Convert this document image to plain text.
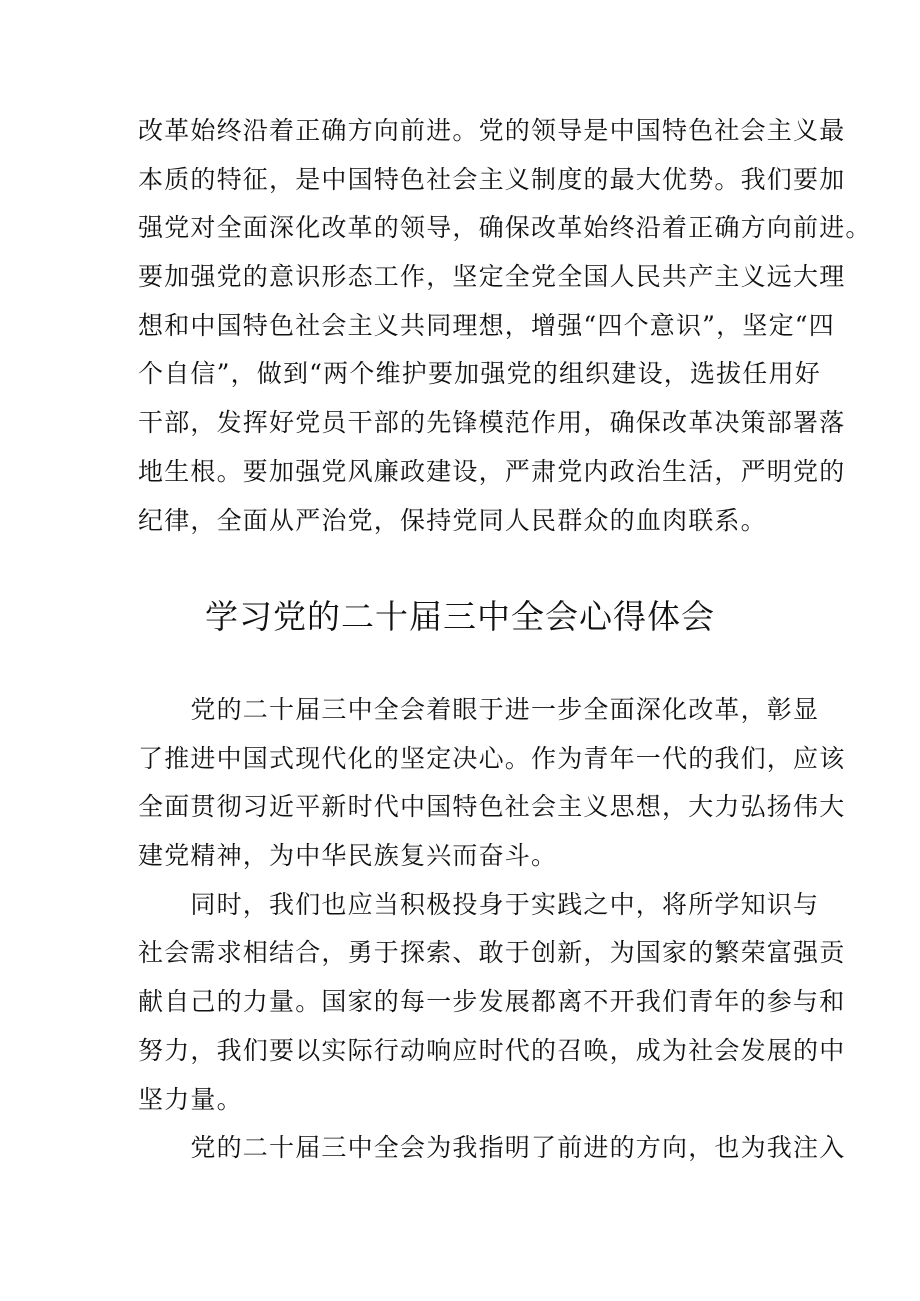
改革始终沿着正确方向前进。党的领导是中国特色社会主义最
本质的特征，是中国特色社会主义制度的最大优势。我们要加
强党对全面深化改革的领导，确保改革始终沿着正确方向前进。
要加强党的意识形态工作，坚定全党全国人民共产主义远大理
想和中国特色社会主义共同理想，增强“四个意识”，坚定“四
个自信”，做到“两个维护要加强党的组织建设，选拔任用好
干部，发挥好党员干部的先锋模范作用，确保改革决策部署落
地生根。要加强党风廉政建设，严肃党内政治生活，严明党的
纪律，全面从严治党，保持党同人民群众的血肉联系。
学习党的二十届三中全会心得体会
　　党的二十届三中全会着眼于进一步全面深化改革，彰显
了推进中国式现代化的坚定决心。作为青年一代的我们，应该
全面贯彻习近平新时代中国特色社会主义思想，大力弘扬伟大
建党精神，为中华民族复兴而奋斗。
　　同时，我们也应当积极投身于实践之中，将所学知识与
社会需求相结合，勇于探索、敢于创新，为国家的繁荣富强贡
献自己的力量。国家的每一步发展都离不开我们青年的参与和
努力，我们要以实际行动响应时代的召唤，成为社会发展的中
坚力量。
　　党的二十届三中全会为我指明了前进的方向，也为我注入
